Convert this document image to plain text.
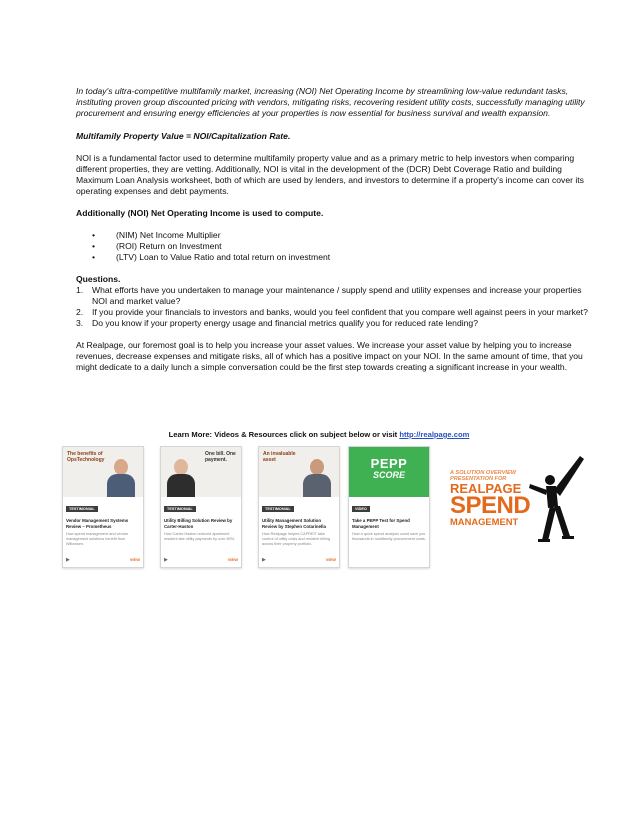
In today's ultra-competitive multifamily market, increasing (NOI) Net Operating Income by streamlining low-value redundant tasks, instituting proven group discounted pricing with vendors, mitigating risks, recovering resident utility costs, successfully managing utility procurement and ensuring energy efficiencies at your properties is now essential for business survival and wealth expansion.

Multifamily Property Value = NOI/Capitalization Rate.

NOI is a fundamental factor used to determine multifamily property value and as a primary metric to help investors when comparing different properties, they are vetting. Additionally, NOI is vital in the development of the (DCR) Debt Coverage Ratio and building Maximum Loan Analysis worksheet, both of which are used by lenders, and investors to determine if a property's income can cover its operating expenses and debt payments.

Additionally (NOI) Net Operating Income is used to compute.

• (NIM) Net Income Multiplier
• (ROI) Return on Investment
• (LTV) Loan to Value Ratio and total return on investment

Questions.

1. What efforts have you undertaken to manage your maintenance / supply spend and utility expenses and increase your properties NOI and market value?
2. If you provide your financials to investors and banks, would you feel confident that you compare well against peers in your market?
3. Do you know if your property energy usage and financial metrics qualify you for reduced rate lending?

At Realpage, our foremost goal is to help you increase your asset values. We increase your asset value by helping you to increase revenues, decrease expenses and mitigate risks, all of which has a positive impact on your NOI. In the same amount of time, that you might dedicate to a daily lunch a simple conversation could be the first step towards creating a significant increase in your wealth.

Learn More: Videos & Resources click on subject below or visit http://realpage.com
The benefits of OpsTechnology
TESTIMONIAL
Vendor Management Systems Review – Prometheus
How spend management and vendor management solutions benefit from Willowsen.
▶	VIEW
One bill. One payment.
TESTIMONIAL
Utility Billing Solution Review by Carter-Haston
How Carter-Haston reduced apartment resident late utility payments by over 80%.
▶	VIEW
An invaluable asset
TESTIMONIAL
Utility Management Solution Review by Stephen Cotarinella
How Realpage helped CAPREIT take control of utility costs and resident billing across their property portfolio.
▶	VIEW
PEPP
SCORE
VIDEO
Take a PEPP Test for Spend Management
How a quick spend analysis could save you thousands in multifamily procurement costs.
A SOLUTION OVERVIEW
PRESENTATION FOR
REALPAGE
SPEND
MANAGEMENT
